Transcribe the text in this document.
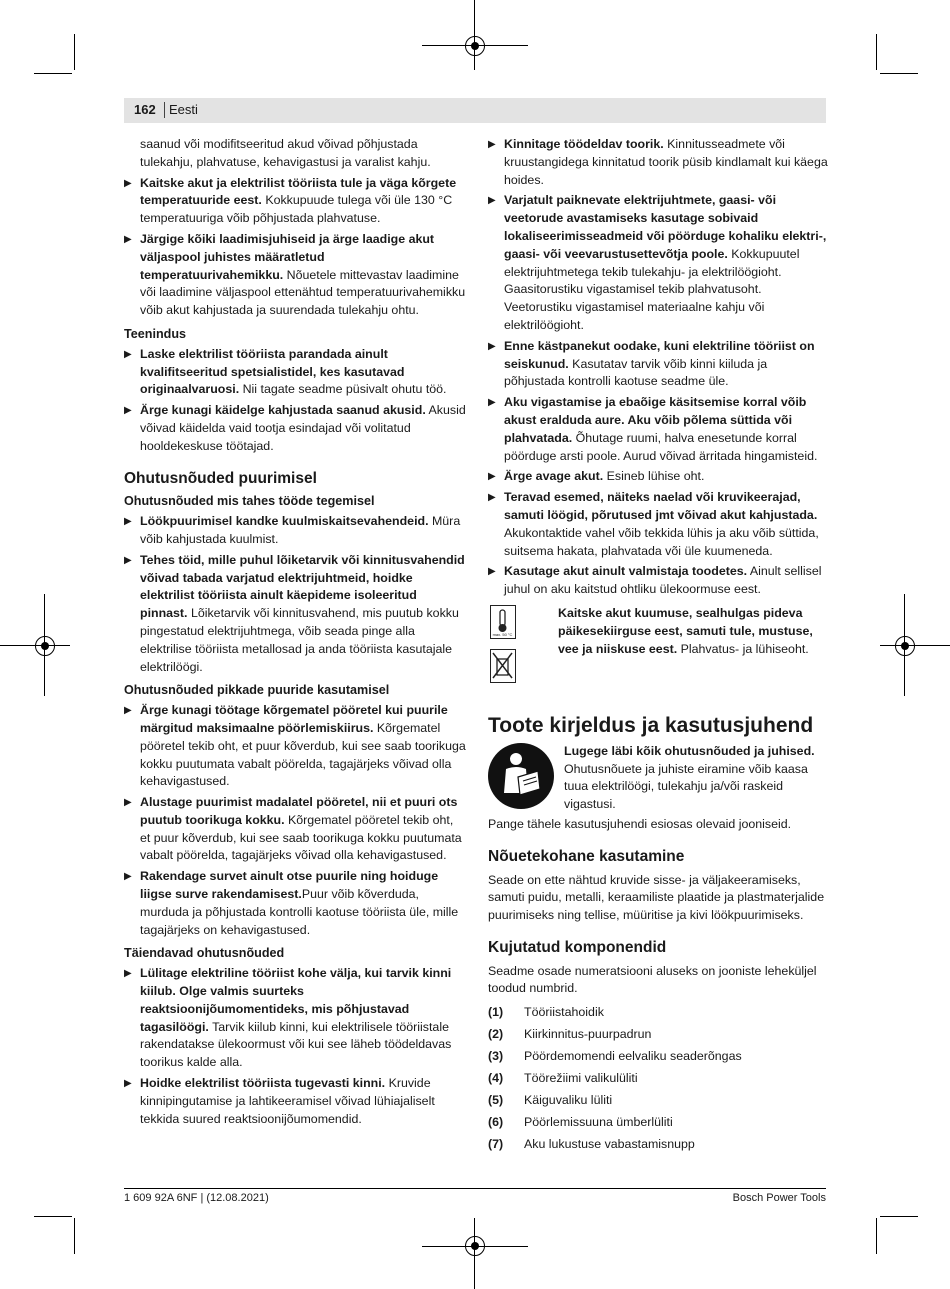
162 Eesti

saanud või modifitseeritud akud võivad põhjustada tulekahju, plahvatuse, kehavigastusi ja varalist kahju.

▶ Kaitske akut ja elektrilist tööriista tule ja väga kõrgete temperatuuride eest. Kokkupuude tulega või üle 130 °C temperatuuriga võib põhjustada plahvatuse.
▶ Järgige kõiki laadimisjuhiseid ja ärge laadige akut väljaspool juhistes määratletud temperatuurivahemikku. Nõuetele mittevastav laadimine või laadimine väljaspool ettenähtud temperatuurivahemikku võib akut kahjustada ja suurendada tulekahju ohtu.
Teenindus
▶ Laske elektrilist tööriista parandada ainult kvalifitseeritud spetsialistidel, kes kasutavad originaalvaruosi. Nii tagate seadme püsivalt ohutu töö.
▶ Ärge kunagi käidelge kahjustada saanud akusid. Akusid võivad käidelda vaid tootja esindajad või volitatud hooldekeskuse töötajad.
Ohutusnõuded puurimisel
Ohutusnõuded mis tahes tööde tegemisel
▶ Löökpuurimisel kandke kuulmiskaitsevahendeid. Müra võib kahjustada kuulmist.
▶ Tehes töid, mille puhul lõiketarvik või kinnitusvahendid võivad tabada varjatud elektrijuhtmeid, hoidke elektrilist tööriista ainult käepideme isoleeritud pinnast. Lõiketarvik või kinnitusvahend, mis puutub kokku pingestatud elektrijuhtmega, võib seada pinge alla elektrilise tööriista metallosad ja anda tööriista kasutajale elektrilöögi.
Ohutusnõuded pikkade puuride kasutamisel
▶ Ärge kunagi töötage kõrgematel pööretel kui puurile märgitud maksimaalne pöörlemiskiirus. Kõrgematel pööretel tekib oht, et puur kõverdub, kui see saab toorikuga kokku puutumata vabalt pöörelda, tagajärjeks võivad olla kehavigastused.
▶ Alustage puurimist madalatel pööretel, nii et puuri ots puutub toorikuga kokku. Kõrgematel pööretel tekib oht, et puur kõverdub, kui see saab toorikuga kokku puutumata vabalt pöörelda, tagajärjeks võivad olla kehavigastused.
▶ Rakendage survet ainult otse puurile ning hoiduge liigse surve rakendamisest.Puur võib kõverduda, murduda ja põhjustada kontrolli kaotuse tööriista üle, mille tagajärjeks on kehavigastused.
Täiendavad ohutusnõuded
▶ Lülitage elektriline tööriist kohe välja, kui tarvik kinni kiilub. Olge valmis suurteks reaktsioonijõumomentideks, mis põhjustavad tagasilöögi. Tarvik kiilub kinni, kui elektrilisele tööriistale rakendatakse ülekoormust või kui see läheb töödeldavas toorikus kalde alla.
▶ Hoidke elektrilist tööriista tugevasti kinni. Kruvide kinnipingutamise ja lahtikeeramisel võivad lühiajaliselt tekkida suured reaktsioonijõumomendid.
▶ Kinnitage töödeldav toorik. Kinnitusseadmete või kruustangidega kinnitatud toorik püsib kindlamalt kui käega hoides.
▶ Varjatult paiknevate elektrijuhtmete, gaasi- või veetorude avastamiseks kasutage sobivaid lokaliseerimisseadmeid või pöörduge kohaliku elektri-, gaasi- või veevarustusettevõtja poole. Kokkupuutel elektrijuhtmetega tekib tulekahju- ja elektrilöögioht. Gaasitorustiku vigastamisel tekib plahvatusoht. Veetorustiku vigastamisel materiaalne kahju või elektrilöögioht.
▶ Enne kästpanekut oodake, kuni elektriline tööriist on seiskunud. Kasutatav tarvik võib kinni kiiluda ja põhjustada kontrolli kaotuse seadme üle.
▶ Aku vigastamise ja ebaõige käsitsemise korral võib akust eralduda aure. Aku võib põlema süttida või plahvatada. Õhutage ruumi, halva enesetunde korral pöörduge arsti poole. Aurud võivad ärritada hingamisteid.
▶ Ärge avage akut. Esineb lühise oht.
▶ Teravad esemed, näiteks naelad või kruvikeerajad, samuti löögid, põrutused jmt võivad akut kahjustada. Akukontaktide vahel võib tekkida lühis ja aku võib süttida, suitsema hakata, plahvatada või üle kuumeneda.
▶ Kasutage akut ainult valmistaja toodetes. Ainult sellisel juhul on aku kaitstud ohtliku ülekoormuse eest.
max. 50 °C
Kaitske akut kuumuse, sealhulgas pideva päikesekiirguse eest, samuti tule, mustuse, vee ja niiskuse eest. Plahvatus- ja lühiseoht.
Toote kirjeldus ja kasutusjuhend
Lugege läbi kõik ohutusnõuded ja juhised. Ohutusnõuete ja juhiste eiramine võib kaasa tuua elektrilöögi, tulekahju ja/või raskeid vigastusi.

Pange tähele kasutusjuhendi esiosas olevaid jooniseid.

Nõuetekohane kasutamine

Seade on ette nähtud kruvide sisse- ja väljakeeramiseks, samuti puidu, metalli, keraamiliste plaatide ja plastmaterjalide puurimiseks ning tellise, müüritise ja kivi löökpuurimiseks.

Kujutatud komponendid

Seadme osade numeratsiooni aluseks on jooniste leheküljel toodud numbrid.

(1)	Tööriistahoidik
(2)	Kiirkinnitus-puurpadrun
(3)	Pöördemomendi eelvaliku seaderõngas
(4)	Töörežiimi valikulüliti
(5)	Käiguvaliku lüliti
(6)	Pöörlemissuuna ümberlüliti
(7)	Aku lukustuse vabastamisnupp
1 609 92A 6NF | (12.08.2021)	Bosch Power Tools
